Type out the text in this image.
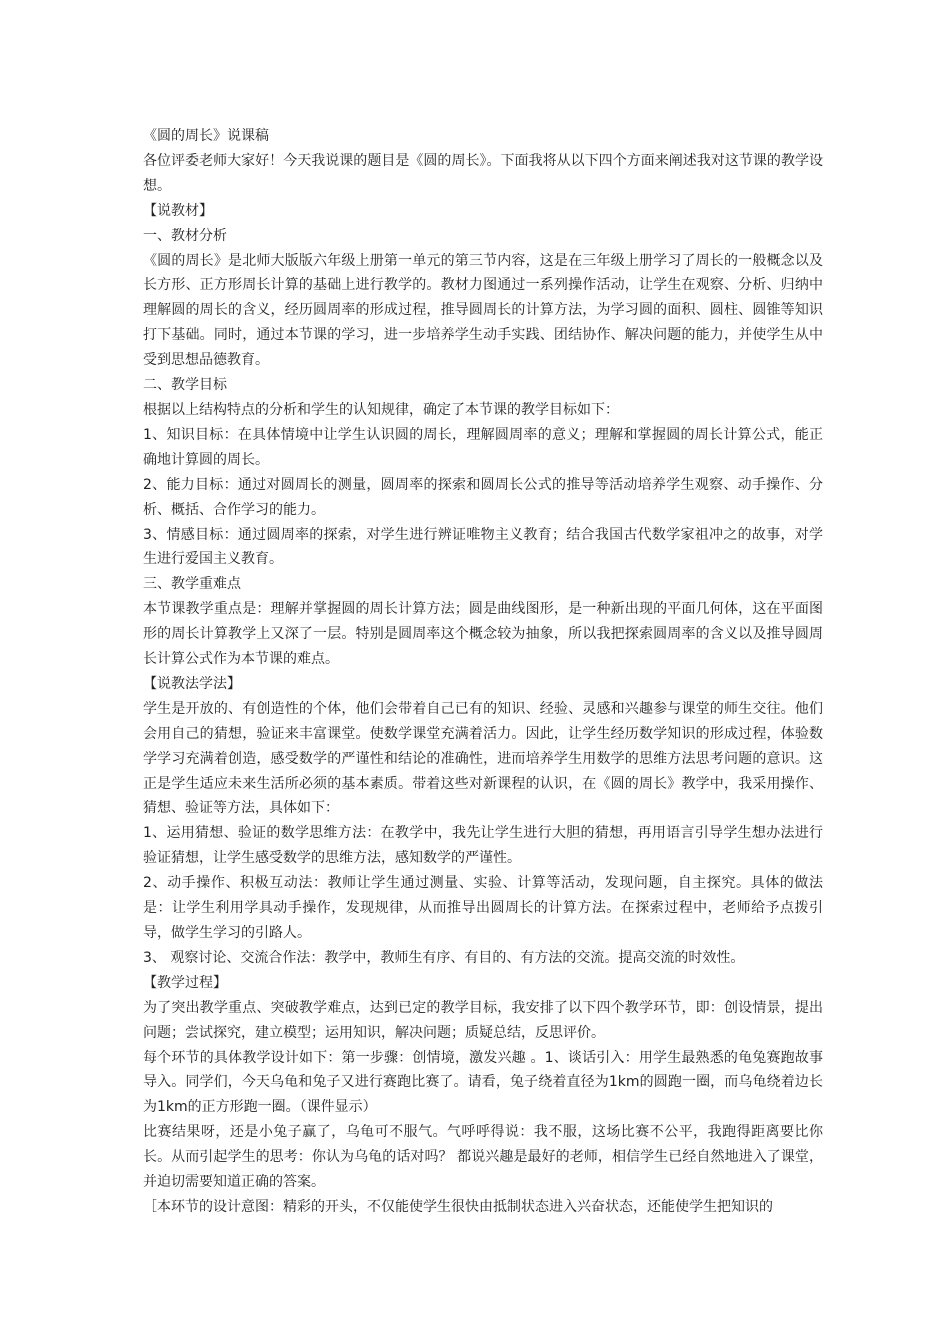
《圆的周长》说课稿

各位评委老师大家好！今天我说课的题目是《圆的周长》。下面我将从以下四个方面来阐述我对这节课的教学设想。

【说教材】

一、教材分析

《圆的周长》是北师大版版六年级上册第一单元的第三节内容，这是在三年级上册学习了周长的一般概念以及长方形、正方形周长计算的基础上进行教学的。教材力图通过一系列操作活动，让学生在观察、分析、归纳中理解圆的周长的含义，经历圆周率的形成过程，推导圆周长的计算方法，为学习圆的面积、圆柱、圆锥等知识打下基础。同时，通过本节课的学习，进一步培养学生动手实践、团结协作、解决问题的能力，并使学生从中受到思想品德教育。

二、教学目标

根据以上结构特点的分析和学生的认知规律，确定了本节课的教学目标如下：

1、知识目标：在具体情境中让学生认识圆的周长，理解圆周率的意义；理解和掌握圆的周长计算公式，能正确地计算圆的周长。

2、能力目标：通过对圆周长的测量，圆周率的探索和圆周长公式的推导等活动培养学生观察、动手操作、分析、概括、合作学习的能力。

3、情感目标：通过圆周率的探索，对学生进行辨证唯物主义教育；结合我国古代数学家祖冲之的故事，对学生进行爱国主义教育。

三、教学重难点

本节课教学重点是：理解并掌握圆的周长计算方法；圆是曲线图形，是一种新出现的平面几何体，这在平面图形的周长计算教学上又深了一层。特别是圆周率这个概念较为抽象，所以我把探索圆周率的含义以及推导圆周长计算公式作为本节课的难点。

【说教法学法】

学生是开放的、有创造性的个体，他们会带着自己已有的知识、经验、灵感和兴趣参与课堂的师生交往。他们会用自己的猜想，验证来丰富课堂。使数学课堂充满着活力。因此，让学生经历数学知识的形成过程，体验数学学习充满着创造，感受数学的严谨性和结论的准确性，进而培养学生用数学的思维方法思考问题的意识。这正是学生适应未来生活所必须的基本素质。带着这些对新课程的认识，在《圆的周长》教学中，我采用操作、猜想、验证等方法，具体如下：

1、运用猜想、验证的数学思维方法：在教学中，我先让学生进行大胆的猜想，再用语言引导学生想办法进行验证猜想，让学生感受数学的思维方法，感知数学的严谨性。

2、动手操作、积极互动法：教师让学生通过测量、实验、计算等活动，发现问题，自主探究。具体的做法是：让学生利用学具动手操作，发现规律，从而推导出圆周长的计算方法。在探索过程中，老师给予点拨引导，做学生学习的引路人。

3、 观察讨论、交流合作法：教学中，教师生有序、有目的、有方法的交流。提高交流的时效性。

【教学过程】

为了突出教学重点、突破教学难点，达到已定的教学目标，我安排了以下四个教学环节，即：创设情景，提出问题；尝试探究，建立模型；运用知识，解决问题；质疑总结，反思评价。

每个环节的具体教学设计如下：第一步骤：创情境，激发兴趣 。1、谈话引入：用学生最熟悉的龟兔赛跑故事导入。同学们，今天乌龟和兔子又进行赛跑比赛了。请看，兔子绕着直径为1km的圆跑一圈，而乌龟绕着边长为1km的正方形跑一圈。（课件显示）

比赛结果呀，还是小兔子赢了，乌龟可不服气。气呼呼得说：我不服，这场比赛不公平，我跑得距离要比你长。从而引起学生的思考：你认为乌龟的话对吗？ 都说兴趣是最好的老师，相信学生已经自然地进入了课堂，并迫切需要知道正确的答案。

［本环节的设计意图：精彩的开头，不仅能使学生很快由抵制状态进入兴奋状态，还能使学生把知识的
